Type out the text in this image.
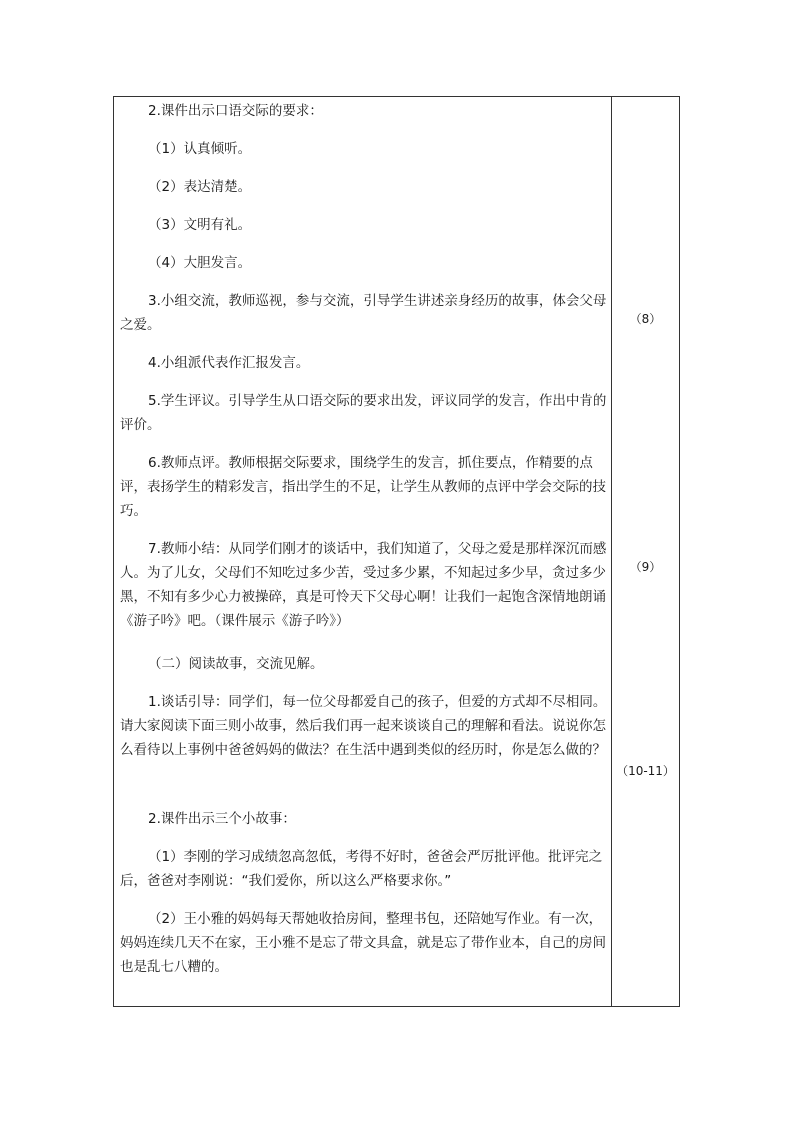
2.课件出示口语交际的要求：

（1）认真倾听。

（2）表达清楚。

（3）文明有礼。

（4）大胆发言。

3.小组交流，教师巡视，参与交流，引导学生讲述亲身经历的故事，体会父母之爱。

4.小组派代表作汇报发言。

5.学生评议。引导学生从口语交际的要求出发，评议同学的发言，作出中肯的评价。

6.教师点评。教师根据交际要求，围绕学生的发言，抓住要点，作精要的点评，表扬学生的精彩发言，指出学生的不足，让学生从教师的点评中学会交际的技巧。

7.教师小结：从同学们刚才的谈话中，我们知道了，父母之爱是那样深沉而感人。为了儿女，父母们不知吃过多少苦，受过多少累，不知起过多少早，贪过多少黑，不知有多少心力被操碎，真是可怜天下父母心啊！让我们一起饱含深情地朗诵《游子吟》吧。（课件展示《游子吟》）

（二）阅读故事，交流见解。

1.谈话引导：同学们，每一位父母都爱自己的孩子，但爱的方式却不尽相同。请大家阅读下面三则小故事，然后我们再一起来谈谈自己的理解和看法。说说你怎么看待以上事例中爸爸妈妈的做法？在生活中遇到类似的经历时，你是怎么做的？

2.课件出示三个小故事：

（1）李刚的学习成绩忽高忽低，考得不好时，爸爸会严厉批评他。批评完之后，爸爸对李刚说：“我们爱你，所以这么严格要求你。”

（2）王小雅的妈妈每天帮她收拾房间，整理书包，还陪她写作业。有一次，妈妈连续几天不在家，王小雅不是忘了带文具盒，就是忘了带作业本，自己的房间也是乱七八糟的。

（8）
（9）
（10-11）
